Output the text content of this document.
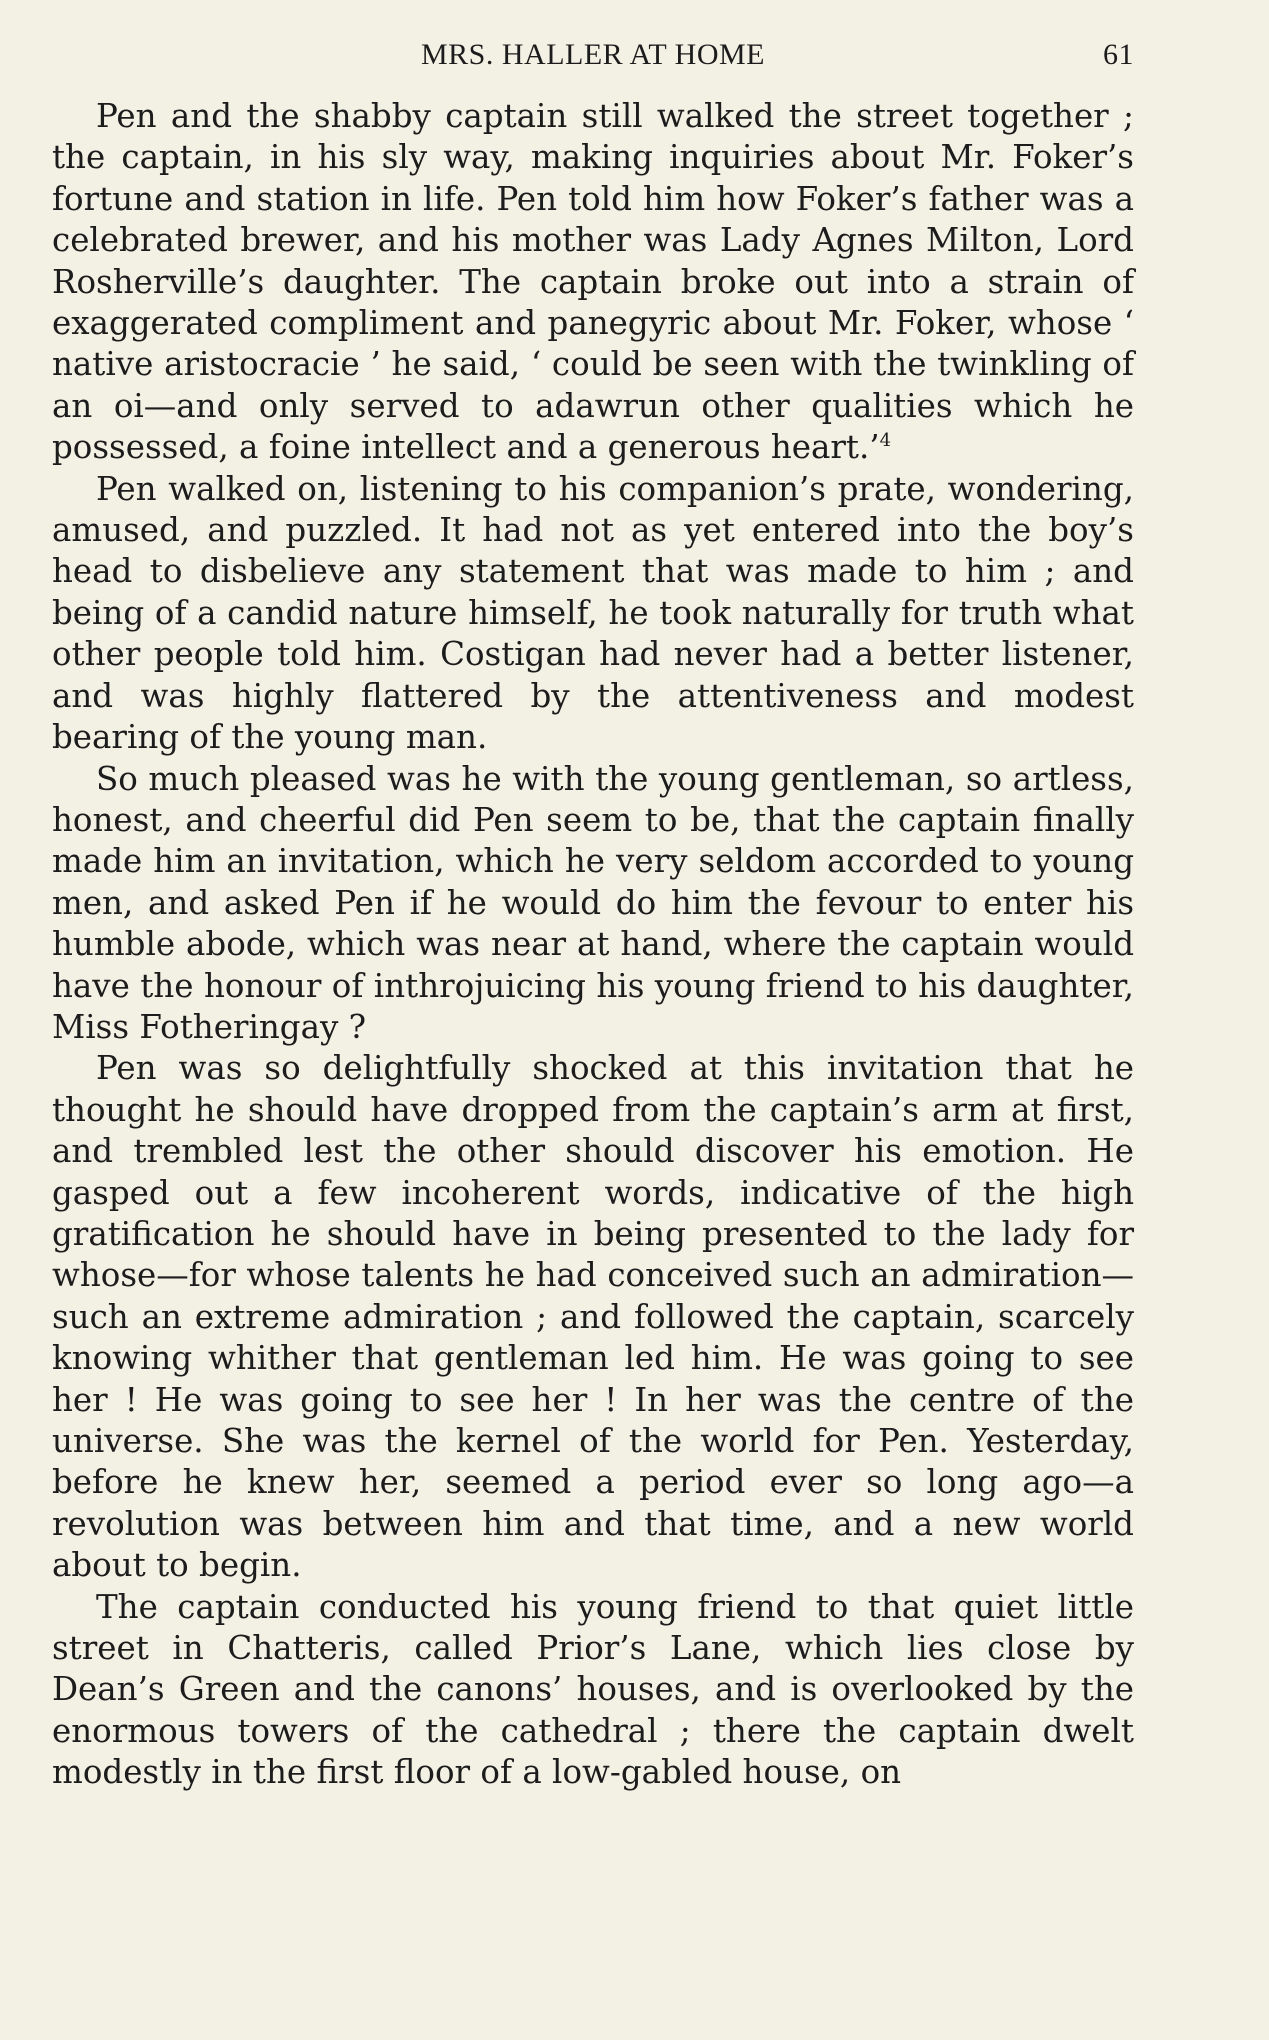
MRS. HALLER AT HOME	61

Pen and the shabby captain still walked the street together ; the captain, in his sly way, making inquiries about Mr. Foker’s fortune and station in life. Pen told him how Foker’s father was a celebrated brewer, and his mother was Lady Agnes Milton, Lord Rosherville’s daughter. The captain broke out into a strain of exaggerated compliment and panegyric about Mr. Foker, whose ‘ native aristocracie ’ he said, ‘ could be seen with the twinkling of an oi—and only served to adawrun other qualities which he possessed, a foine intellect and a generous heart.’$^4$

Pen walked on, listening to his companion’s prate, wondering, amused, and puzzled. It had not as yet entered into the boy’s head to disbelieve any statement that was made to him ; and being of a candid nature himself, he took naturally for truth what other people told him. Costigan had never had a better listener, and was highly flattered by the attentiveness and modest bearing of the young man.

So much pleased was he with the young gentleman, so artless, honest, and cheerful did Pen seem to be, that the captain finally made him an invitation, which he very seldom accorded to young men, and asked Pen if he would do him the fevour to enter his humble abode, which was near at hand, where the captain would have the honour of inthrojuicing his young friend to his daughter, Miss Fotheringay ?

Pen was so delightfully shocked at this invitation that he thought he should have dropped from the captain’s arm at first, and trembled lest the other should discover his emotion. He gasped out a few incoherent words, indicative of the high gratification he should have in being presented to the lady for whose—for whose talents he had conceived such an admiration—such an extreme admiration ; and followed the captain, scarcely knowing whither that gentleman led him. He was going to see her ! He was going to see her ! In her was the centre of the universe. She was the kernel of the world for Pen. Yesterday, before he knew her, seemed a period ever so long ago—a revolution was between him and that time, and a new world about to begin.

The captain conducted his young friend to that quiet little street in Chatteris, called Prior’s Lane, which lies close by Dean’s Green and the canons’ houses, and is overlooked by the enormous towers of the cathedral ; there the captain dwelt modestly in the first floor of a low-gabled house, on
